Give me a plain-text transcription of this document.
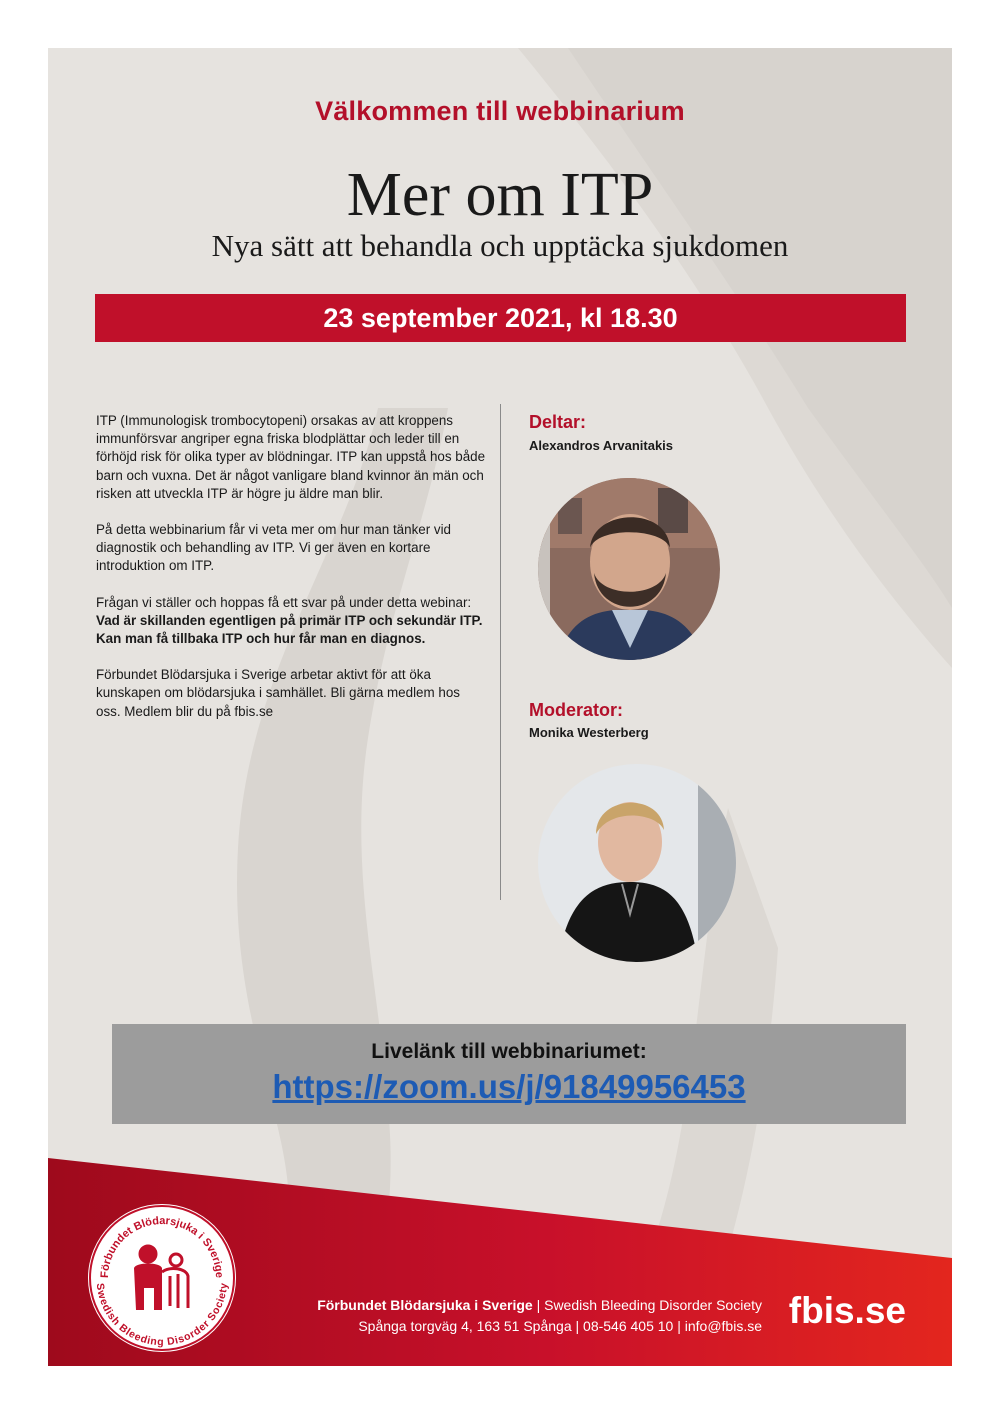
Välkommen till webbinarium
Mer om ITP
Nya sätt att behandla och upptäcka sjukdomen
23 september 2021, kl 18.30

ITP (Immunologisk trombocytopeni) orsakas av att kroppens immunförsvar angriper egna friska blodplättar och leder till en förhöjd risk för olika typer av blödningar. ITP kan uppstå hos både barn och vuxna. Det är något vanligare bland kvinnor än män och risken att utveckla ITP är högre ju äldre man blir.

På detta webbinarium får vi veta mer om hur man tänker vid diagnostik och behandling av ITP. Vi ger även en kortare introduktion om ITP.

Frågan vi ställer och hoppas få ett svar på under detta webinar: Vad är skillanden egentligen på primär ITP och sekundär ITP. Kan man få tillbaka ITP och hur får man en diagnos.

Förbundet Blödarsjuka i Sverige arbetar aktivt för att öka kunskapen om blödarsjuka i samhället. Bli gärna medlem hos oss. Medlem blir du på fbis.se

Deltar:
Alexandros Arvanitakis
Moderator:
Monika Westerberg
Livelänk till webbinariumet:
https://zoom.us/j/91849956453
Förbundet Blödarsjuka i Sverige
Swedish Bleeding Disorder Society
Förbundet Blödarsjuka i Sverige | Swedish Bleeding Disorder Society
Spånga torgväg 4, 163 51 Spånga | 08-546 405 10 | info@fbis.se fbis.se
